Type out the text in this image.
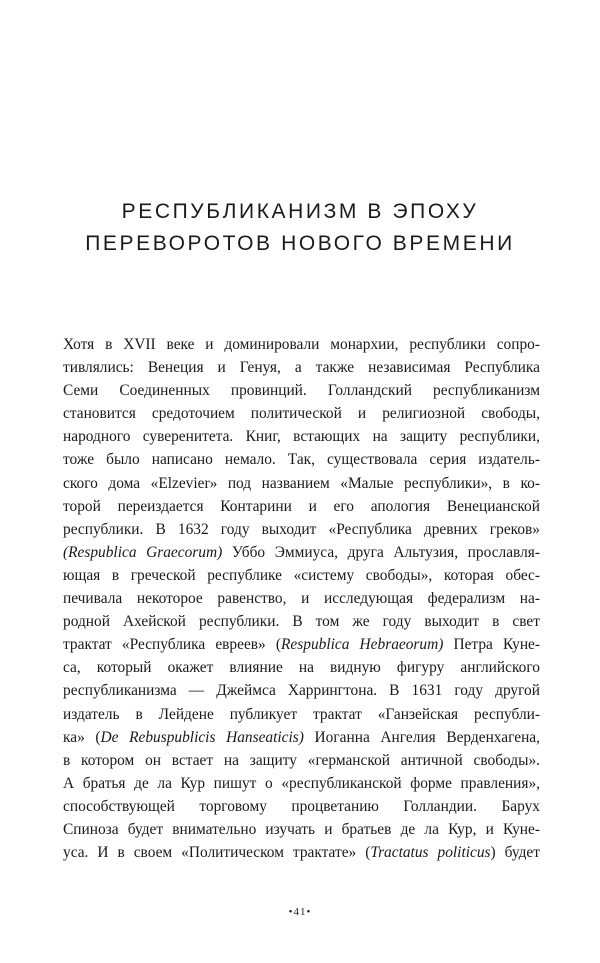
РЕСПУБЛИКАНИЗМ В ЭПОХУ
ПЕРЕВОРОТОВ НОВОГО ВРЕМЕНИ
Хотя в XVII веке и доминировали монархии, республики сопро-
тивлялись: Венеция и Генуя, а также независимая Республика
Семи Соединенных провинций. Голландский республиканизм
становится средоточием политической и религиозной свободы,
народного суверенитета. Книг, встающих на защиту республики,
тоже было написано немало. Так, существовала серия издатель-
ского дома «Elzevier» под названием «Малые республики», в ко-
торой переиздается Контарини и его апология Венецианской
республики. В 1632 году выходит «Республика древних греков»
(Respublica Graecorum) Уббо Эммиуса, друга Альтузия, прославля-
ющая в греческой республике «систему свободы», которая обес-
печивала некоторое равенство, и исследующая федерализм на-
родной Ахейской республики. В том же году выходит в свет
трактат «Республика евреев» (Respublica Hebraeorum) Петра Кунe-
са, который окажет влияние на видную фигуру английского
республиканизма — Джеймса Харрингтона. В 1631 году другой
издатель в Лейдене публикует трактат «Ганзейская республи-
ка» (De Rebuspublicis Hanseaticis) Иоганна Ангелия Верденхагена,
в котором он встает на защиту «германской античной свободы».
А братья де ла Кур пишут о «республиканской форме правления»,
способствующей торговому процветанию Голландии. Барух
Спиноза будет внимательно изучать и братьев де ла Кур, и Куне-
уса. И в своем «Политическом трактате» (Tractatus politicus) будет
•41•
